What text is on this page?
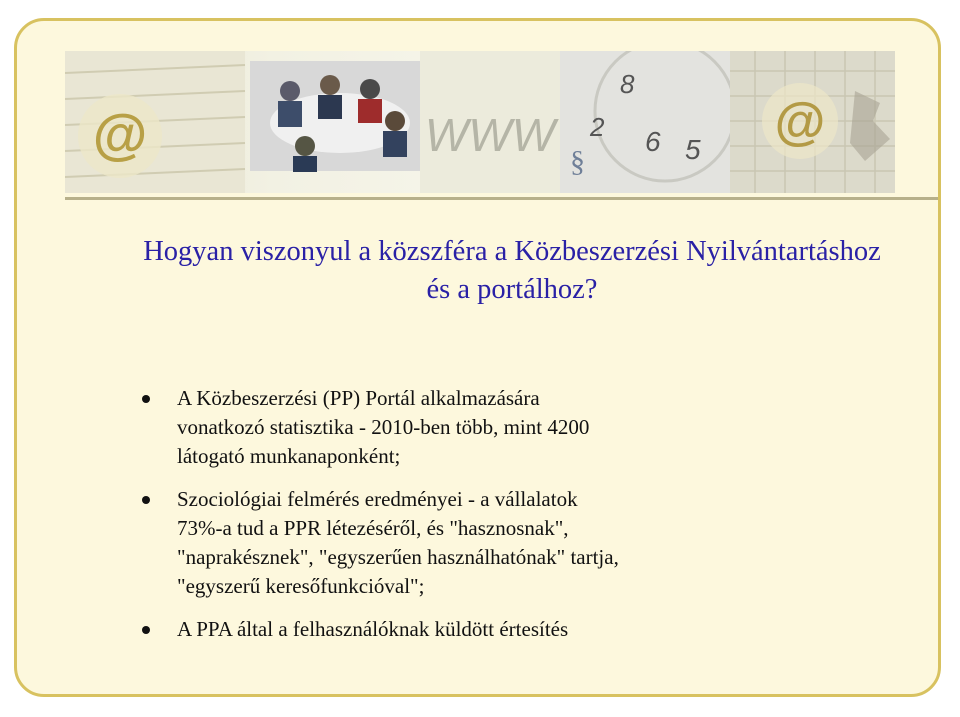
@	WWW
8
2 6 5
§
@
Hogyan viszonyul a közszféra a Közbeszerzési Nyilvántartáshoz és a portálhoz?
A Közbeszerzési (PP) Portál alkalmazására
vonatkozó statisztika - 2010-ben több, mint 4200
látogató munkanaponként;
Szociológiai felmérés eredményei - a vállalatok
73%-a tud a PPR létezéséről, és "hasznosnak",
"naprakésznek", "egyszerűen használhatónak" tartja,
"egyszerű keresőfunkcióval";
A PPA által a felhasználóknak küldött értesítés
